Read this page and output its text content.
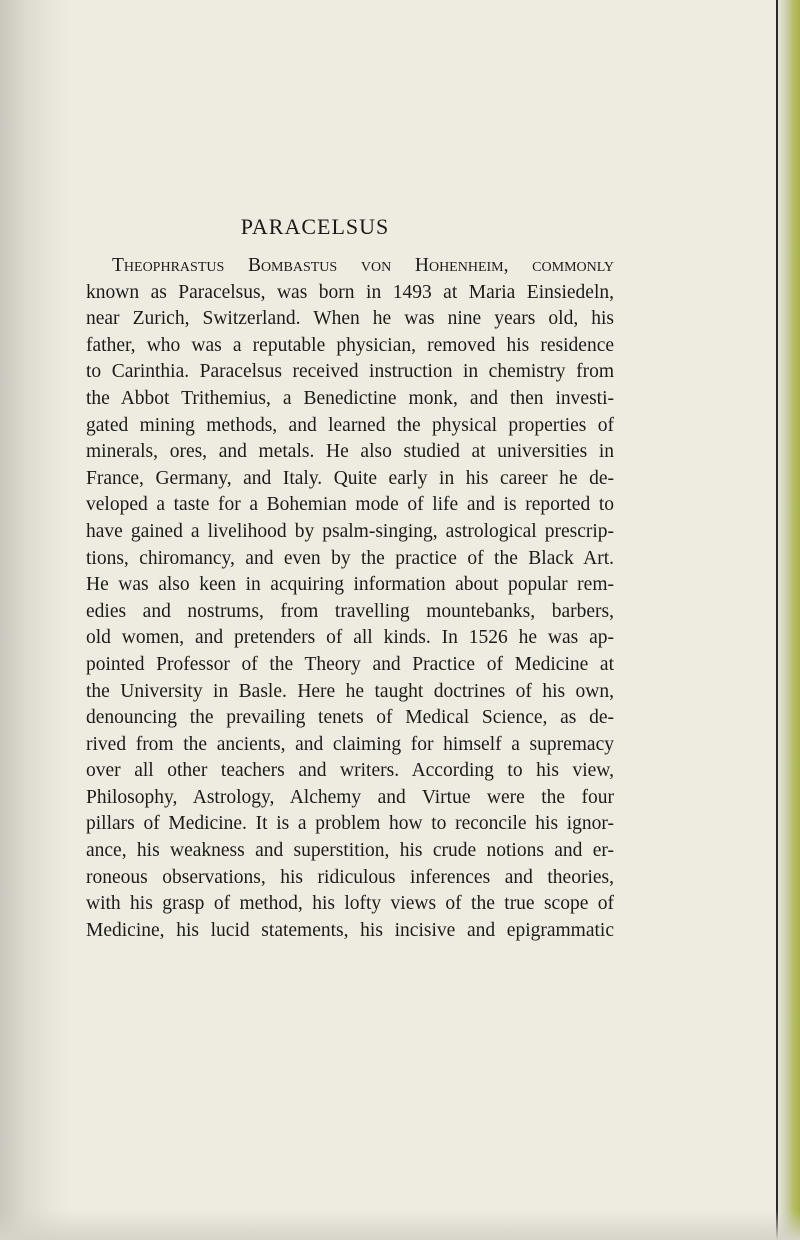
PARACELSUS
Theophrastus Bombastus von Hohenheim, commonly
known as Paracelsus, was born in 1493 at Maria Einsiedeln,
near Zurich, Switzerland. When he was nine years old, his
father, who was a reputable physician, removed his residence
to Carinthia. Paracelsus received instruction in chemistry from
the Abbot Trithemius, a Benedictine monk, and then investi-
gated mining methods, and learned the physical properties of
minerals, ores, and metals. He also studied at universities in
France, Germany, and Italy. Quite early in his career he de-
veloped a taste for a Bohemian mode of life and is reported to
have gained a livelihood by psalm-singing, astrological prescrip-
tions, chiromancy, and even by the practice of the Black Art.
He was also keen in acquiring information about popular rem-
edies and nostrums, from travelling mountebanks, barbers,
old women, and pretenders of all kinds. In 1526 he was ap-
pointed Professor of the Theory and Practice of Medicine at
the University in Basle. Here he taught doctrines of his own,
denouncing the prevailing tenets of Medical Science, as de-
rived from the ancients, and claiming for himself a supremacy
over all other teachers and writers. According to his view,
Philosophy, Astrology, Alchemy and Virtue were the four
pillars of Medicine. It is a problem how to reconcile his ignor-
ance, his weakness and superstition, his crude notions and er-
roneous observations, his ridiculous inferences and theories,
with his grasp of method, his lofty views of the true scope of
Medicine, his lucid statements, his incisive and epigrammatic
